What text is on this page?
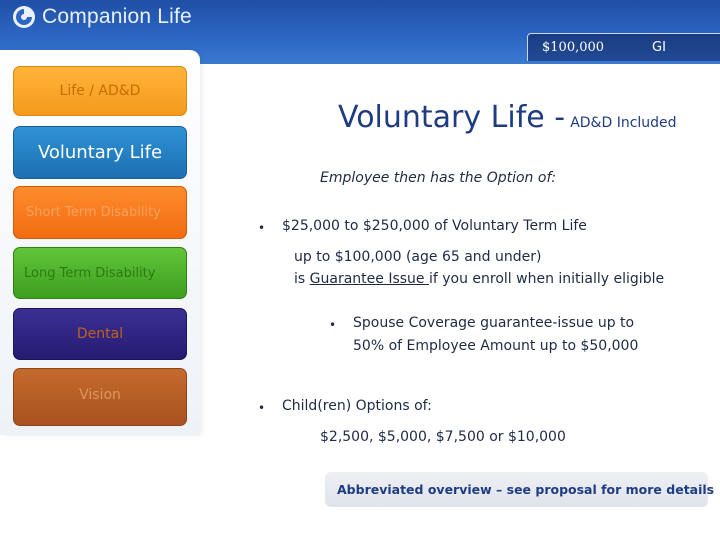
Companion Life
$100,000	GI
Life / AD&D
Voluntary Life
Short Term Disability
Long Term Disability
Dental
Vision
Voluntary Life - AD&D Included
Employee then has the Option of:
• $25,000 to $250,000 of Voluntary Term Life
up to $100,000 (age 65 and under)
is Guarantee Issue if you enroll when initially eligible
• Spouse Coverage guarantee-issue up to
50% of Employee Amount up to $50,000
• Child(ren) Options of:
$2,500, $5,000, $7,500 or $10,000
Abbreviated overview – see proposal for more details
